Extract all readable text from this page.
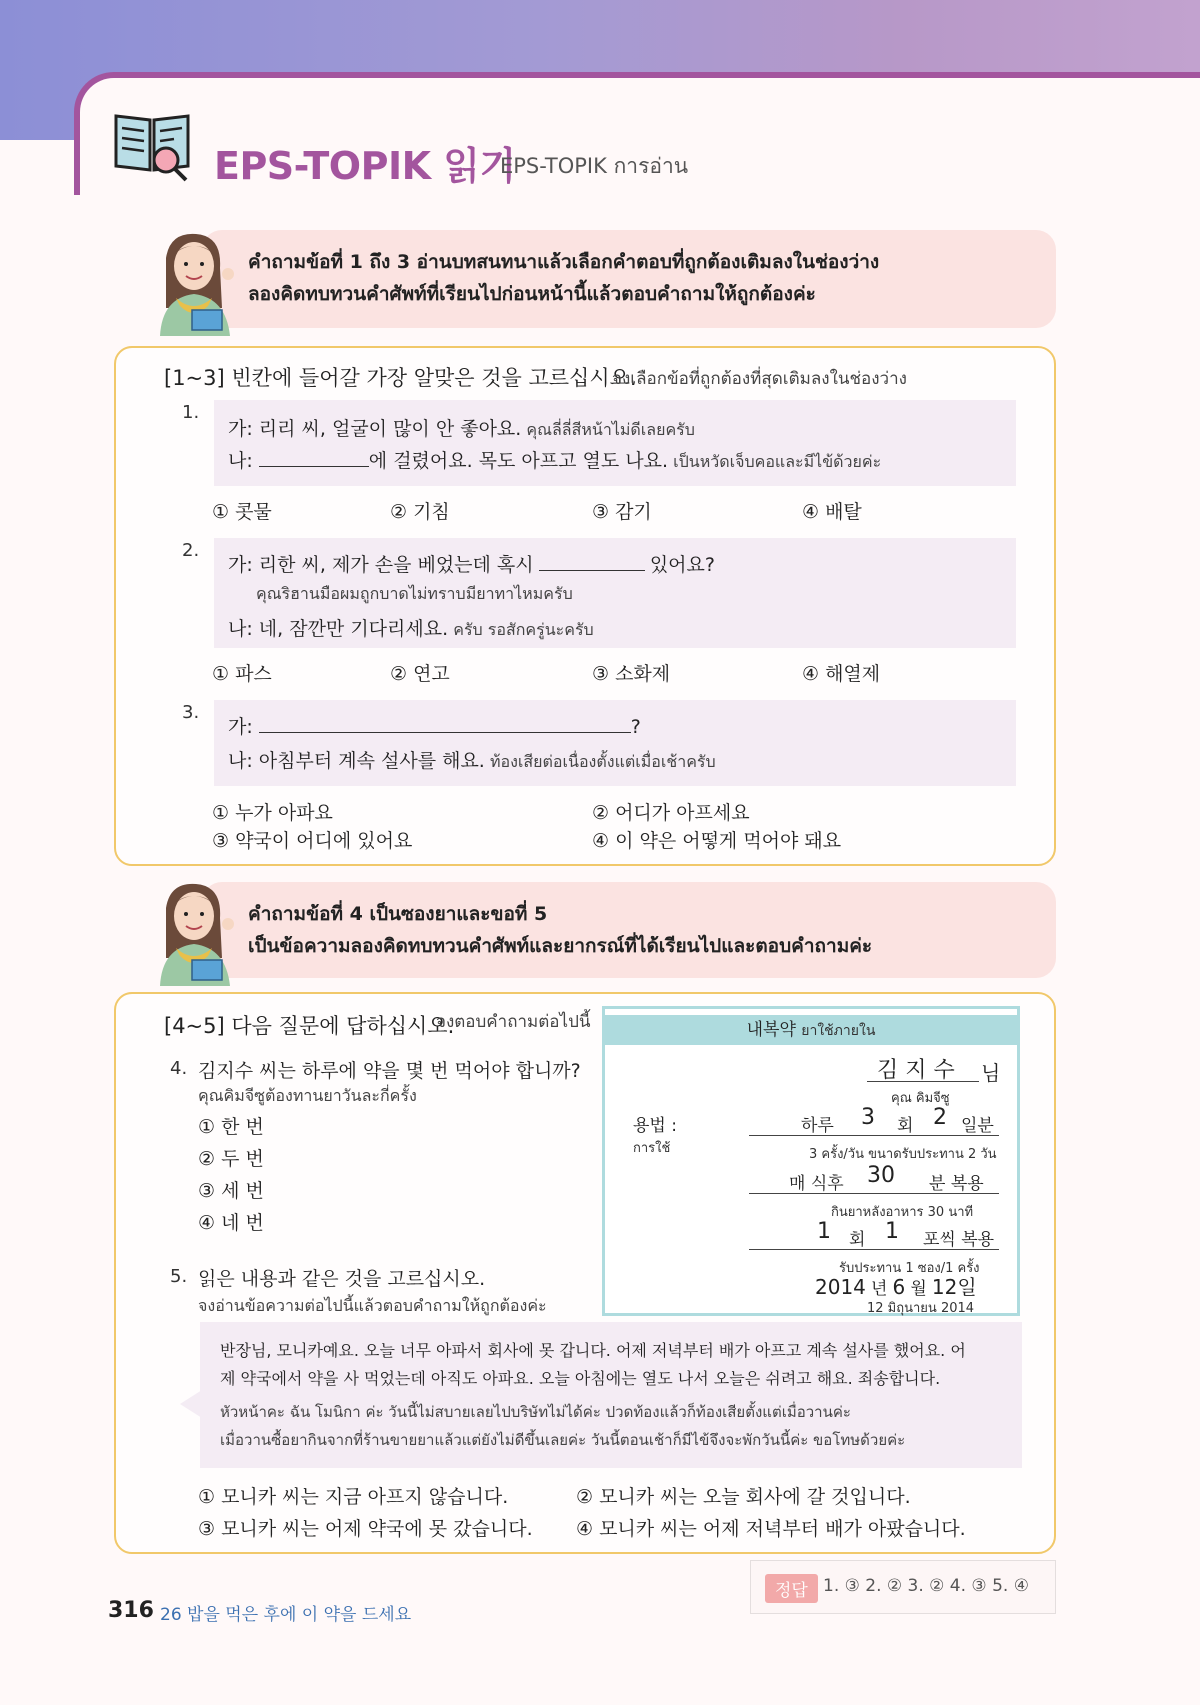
EPS-TOPIK 읽기
EPS-TOPIK การอ่าน
คำถามข้อที่ 1 ถึง 3 อ่านบทสนทนาแล้วเลือกคำตอบที่ถูกต้องเติมลงในช่องว่าง
ลองคิดทบทวนคำศัพท์ที่เรียนไปก่อนหน้านี้แล้วตอบคำถามให้ถูกต้องค่ะ
[1~3] 빈칸에 들어갈 가장 알맞은 것을 고르십시오.
จงเลือกข้อที่ถูกต้องที่สุดเติมลงในช่องว่าง
1.
가: 리리 씨, 얼굴이 많이 안 좋아요. คุณลี่ลี่สีหน้าไม่ดีเลยครับ
나:	에 걸렸어요. 목도 아프고 열도 나요. เป็นหวัดเจ็บคอและมีไข้ด้วยค่ะ
① 콧물	② 기침	③ 감기	④ 배탈
2.
가: 리한 씨, 제가 손을 베었는데 혹시	있어요?
คุณริฮานมือผมถูกบาดไม่ทราบมียาทาไหมครับ
나: 네, 잠깐만 기다리세요. ครับ รอสักครู่นะครับ
① 파스	② 연고	③ 소화제	④ 해열제
3.
가:	?
나: 아침부터 계속 설사를 해요. ท้องเสียต่อเนื่องตั้งแต่เมื่อเช้าครับ
① 누가 아파요	② 어디가 아프세요
③ 약국이 어디에 있어요	④ 이 약은 어떻게 먹어야 돼요
คำถามข้อที่ 4 เป็นซองยาและขอที่ 5
เป็นข้อความลองคิดทบทวนคำศัพท์และยากรณ์ที่ได้เรียนไปและตอบคำถามค่ะ
[4~5] 다음 질문에 답하십시오.
จงตอบคำถามต่อไปนี้
4. 김지수 씨는 하루에 약을 몇 번 먹어야 합니까?
คุณคิมจีซูต้องทานยาวันละกี่ครั้ง
① 한 번
② 두 번
③ 세 번
④ 네 번
5. 읽은 내용과 같은 것을 고르십시오.
จงอ่านข้อความต่อไปนี้แล้วตอบคำถามให้ถูกต้องค่ะ
내복약 ยาใช้ภายใน
김 지 수 님
คุณ คิมจีซู
용법 :
การใช้
하루 3 회 2 일분
3 ครั้ง/วัน ขนาดรับประทาน 2 วัน
매 식후 30 분 복용
กินยาหลังอาหาร 30 นาที
1 회 1 포씩 복용
รับประทาน 1 ซอง/1 ครั้ง
2014 년 6 월 12일
12 มิถุนายน 2014
반장님, 모니카예요. 오늘 너무 아파서 회사에 못 갑니다. 어제 저녁부터 배가 아프고 계속 설사를 했어요. 어
제 약국에서 약을 사 먹었는데 아직도 아파요. 오늘 아침에는 열도 나서 오늘은 쉬려고 해요. 죄송합니다.
หัวหน้าคะ ฉัน โมนิกา ค่ะ วันนี้ไม่สบายเลยไปบริษัทไม่ได้ค่ะ ปวดท้องแล้วก็ท้องเสียตั้งแต่เมื่อวานค่ะ
เมื่อวานซื้อยากินจากที่ร้านขายยาแล้วแต่ยังไม่ดีขึ้นเลยค่ะ วันนี้ตอนเช้าก็มีไข้จึงจะพักวันนี้ค่ะ ขอโทษด้วยค่ะ
① 모니카 씨는 지금 아프지 않습니다.	② 모니카 씨는 오늘 회사에 갈 것입니다.
③ 모니카 씨는 어제 약국에 못 갔습니다. ④ 모니카 씨는 어제 저녁부터 배가 아팠습니다.
정답 1. ③ 2. ② 3. ② 4. ③ 5. ④
316 26 밥을 먹은 후에 이 약을 드세요
